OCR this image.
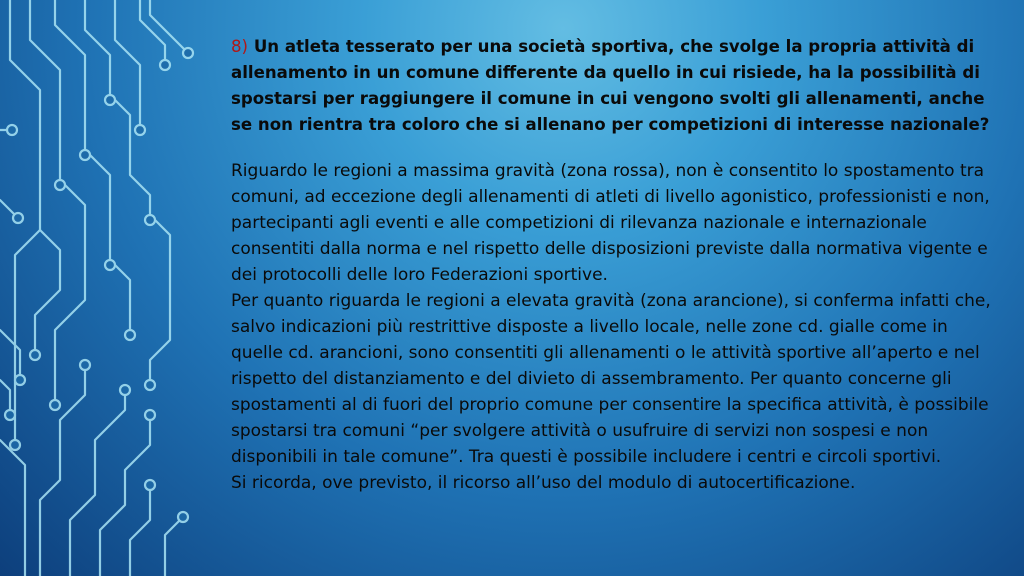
8) Un atleta tesserato per una società sportiva, che svolge la propria attività di allenamento in un comune differente da quello in cui risiede, ha la possibilità di spostarsi per raggiungere il comune in cui vengono svolti gli allenamenti, anche se non rientra tra coloro che si allenano per competizioni di interesse nazionale?

Riguardo le regioni a massima gravità (zona rossa), non è consentito lo spostamento tra comuni, ad eccezione degli allenamenti di atleti di livello agonistico, professionisti e non, partecipanti agli eventi e alle competizioni di rilevanza nazionale e internazionale consentiti dalla norma e nel rispetto delle disposizioni previste dalla normativa vigente e dei protocolli delle loro Federazioni sportive.

Per quanto riguarda le regioni a elevata gravità (zona arancione), si conferma infatti che, salvo indicazioni più restrittive disposte a livello locale, nelle zone cd. gialle come in quelle cd. arancioni, sono consentiti gli allenamenti o le attività sportive all’aperto e nel rispetto del distanziamento e del divieto di assembramento. Per quanto concerne gli spostamenti al di fuori del proprio comune per consentire la specifica attività, è possibile spostarsi tra comuni “per svolgere attività o usufruire di servizi non sospesi e non disponibili in tale comune”. Tra questi è possibile includere i centri e circoli sportivi.

Si ricorda, ove previsto, il ricorso all’uso del modulo di autocertificazione.
